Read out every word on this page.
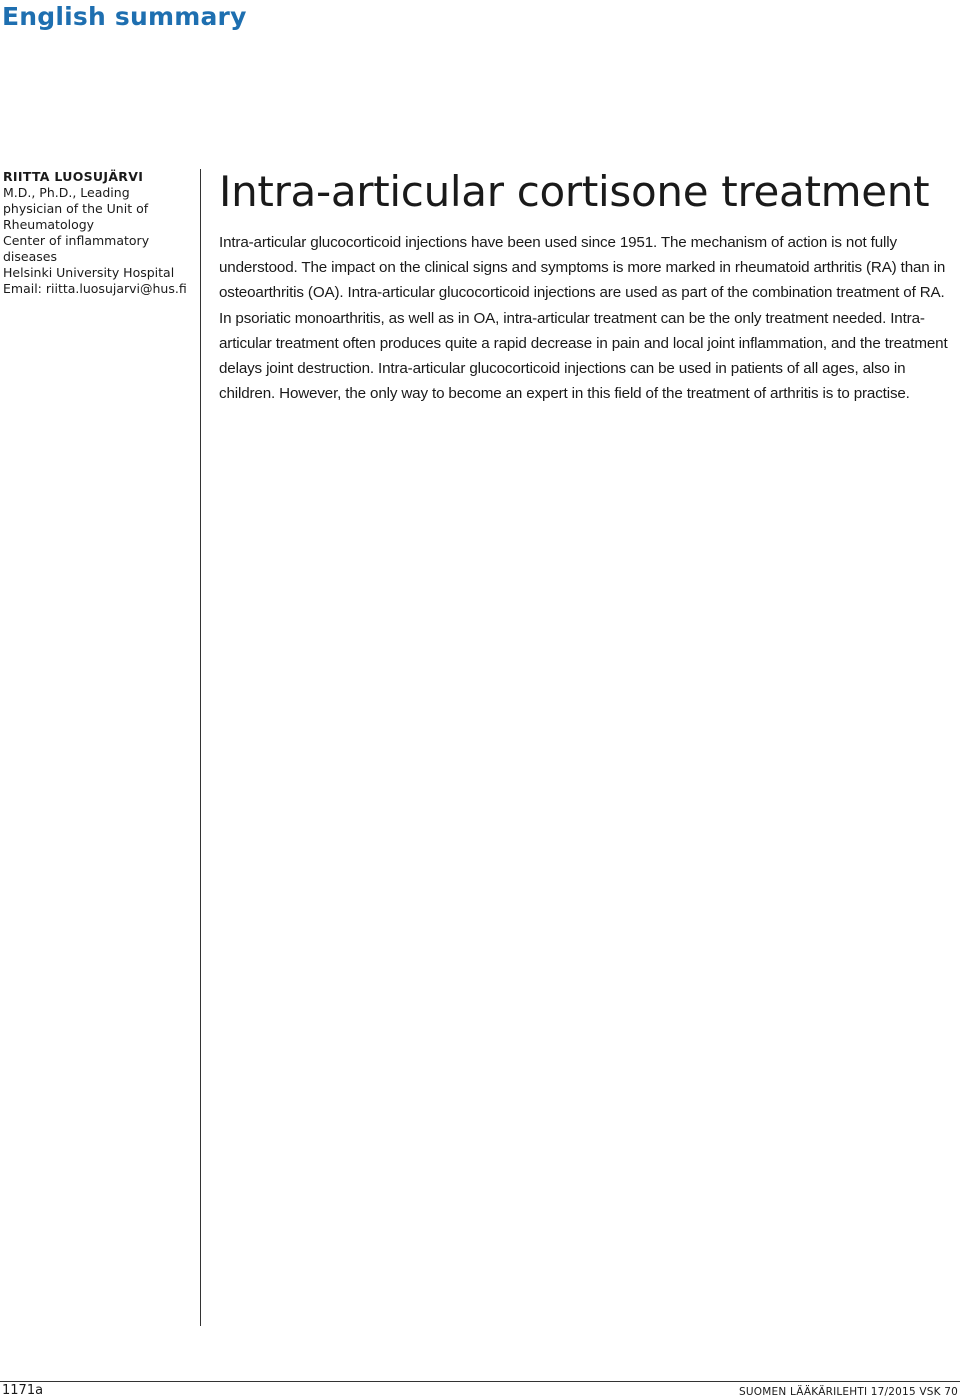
English summary
RIITTA LUOSUJÄRVI
M.D., Ph.D., Leading
physician of the Unit of
Rheumatology
Center of inflammatory
diseases
Helsinki University Hospital
Email: riitta.luosujarvi@hus.fi
Intra-articular cortisone treatment

Intra-articular glucocorticoid injections have been used since 1951. The mechanism of action is not fully understood. The impact on the clinical signs and symptoms is more marked in rheumatoid arthritis (RA) than in osteoarthritis (OA). Intra-articular glucocorticoid injections are used as part of the combination treatment of RA. In psoriatic monoarthritis, as well as in OA, intra-articular treatment can be the only treatment needed. Intra-articular treatment often produces quite a rapid decrease in pain and local joint inflammation, and the treatment delays joint destruction. Intra-articular glucocorticoid injections can be used in patients of all ages, also in children. However, the only way to become an expert in this field of the treatment of arthritis is to practise.

1171a	SUOMEN LÄÄKÄRILEHTI 17/2015 VSK 70
